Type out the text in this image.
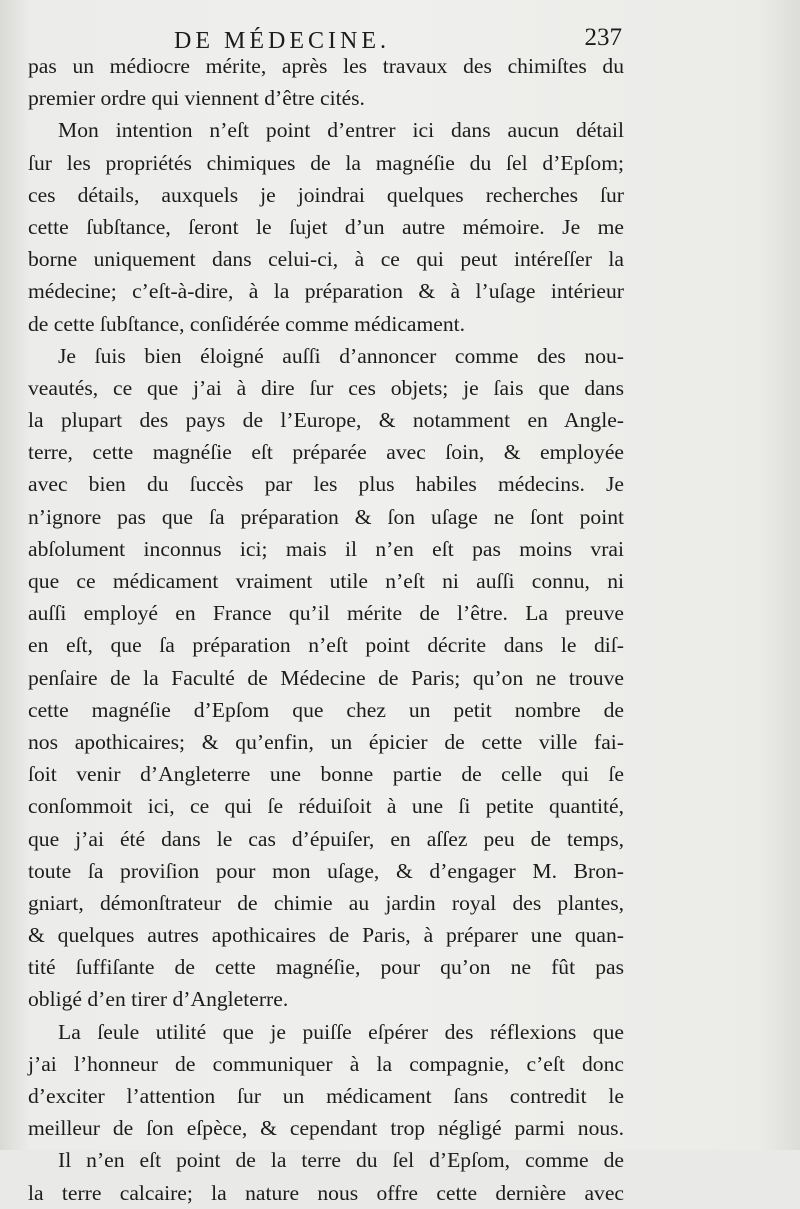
DE MÉDECINE.	237
pas un médiocre mérite, après les travaux des chimiſtes du
premier ordre qui viennent d’être cités.
Mon intention n’eſt point d’entrer ici dans aucun détail
ſur les propriétés chimiques de la magnéſie du ſel d’Epſom;
ces détails, auxquels je joindrai quelques recherches ſur
cette ſubſtance, ſeront le ſujet d’un autre mémoire. Je me
borne uniquement dans celui-ci, à ce qui peut intéreſſer la
médecine; c’eſt-à-dire, à la préparation & à l’uſage intérieur
de cette ſubſtance, conſidérée comme médicament.
Je ſuis bien éloigné auſſi d’annoncer comme des nou-
veautés, ce que j’ai à dire ſur ces objets; je ſais que dans
la plupart des pays de l’Europe, & notamment en Angle-
terre, cette magnéſie eſt préparée avec ſoin, & employée
avec bien du ſuccès par les plus habiles médecins. Je
n’ignore pas que ſa préparation & ſon uſage ne ſont point
abſolument inconnus ici; mais il n’en eſt pas moins vrai
que ce médicament vraiment utile n’eſt ni auſſi connu, ni
auſſi employé en France qu’il mérite de l’être. La preuve
en eſt, que ſa préparation n’eſt point décrite dans le diſ-
penſaire de la Faculté de Médecine de Paris; qu’on ne trouve
cette magnéſie d’Epſom que chez un petit nombre de
nos apothicaires; & qu’enfin, un épicier de cette ville fai-
ſoit venir d’Angleterre une bonne partie de celle qui ſe
conſommoit ici, ce qui ſe réduiſoit à une ſi petite quantité,
que j’ai été dans le cas d’épuiſer, en aſſez peu de temps,
toute ſa proviſion pour mon uſage, & d’engager M. Bron-
gniart, démonſtrateur de chimie au jardin royal des plantes,
& quelques autres apothicaires de Paris, à préparer une quan-
tité ſuffiſante de cette magnéſie, pour qu’on ne fût pas
obligé d’en tirer d’Angleterre.
La ſeule utilité que je puiſſe eſpérer des réflexions que
j’ai l’honneur de communiquer à la compagnie, c’eſt donc
d’exciter l’attention ſur un médicament ſans contredit le
meilleur de ſon eſpèce, & cependant trop négligé parmi nous.
Il n’en eſt point de la terre du ſel d’Epſom, comme de
la terre calcaire; la nature nous offre cette dernière avec
